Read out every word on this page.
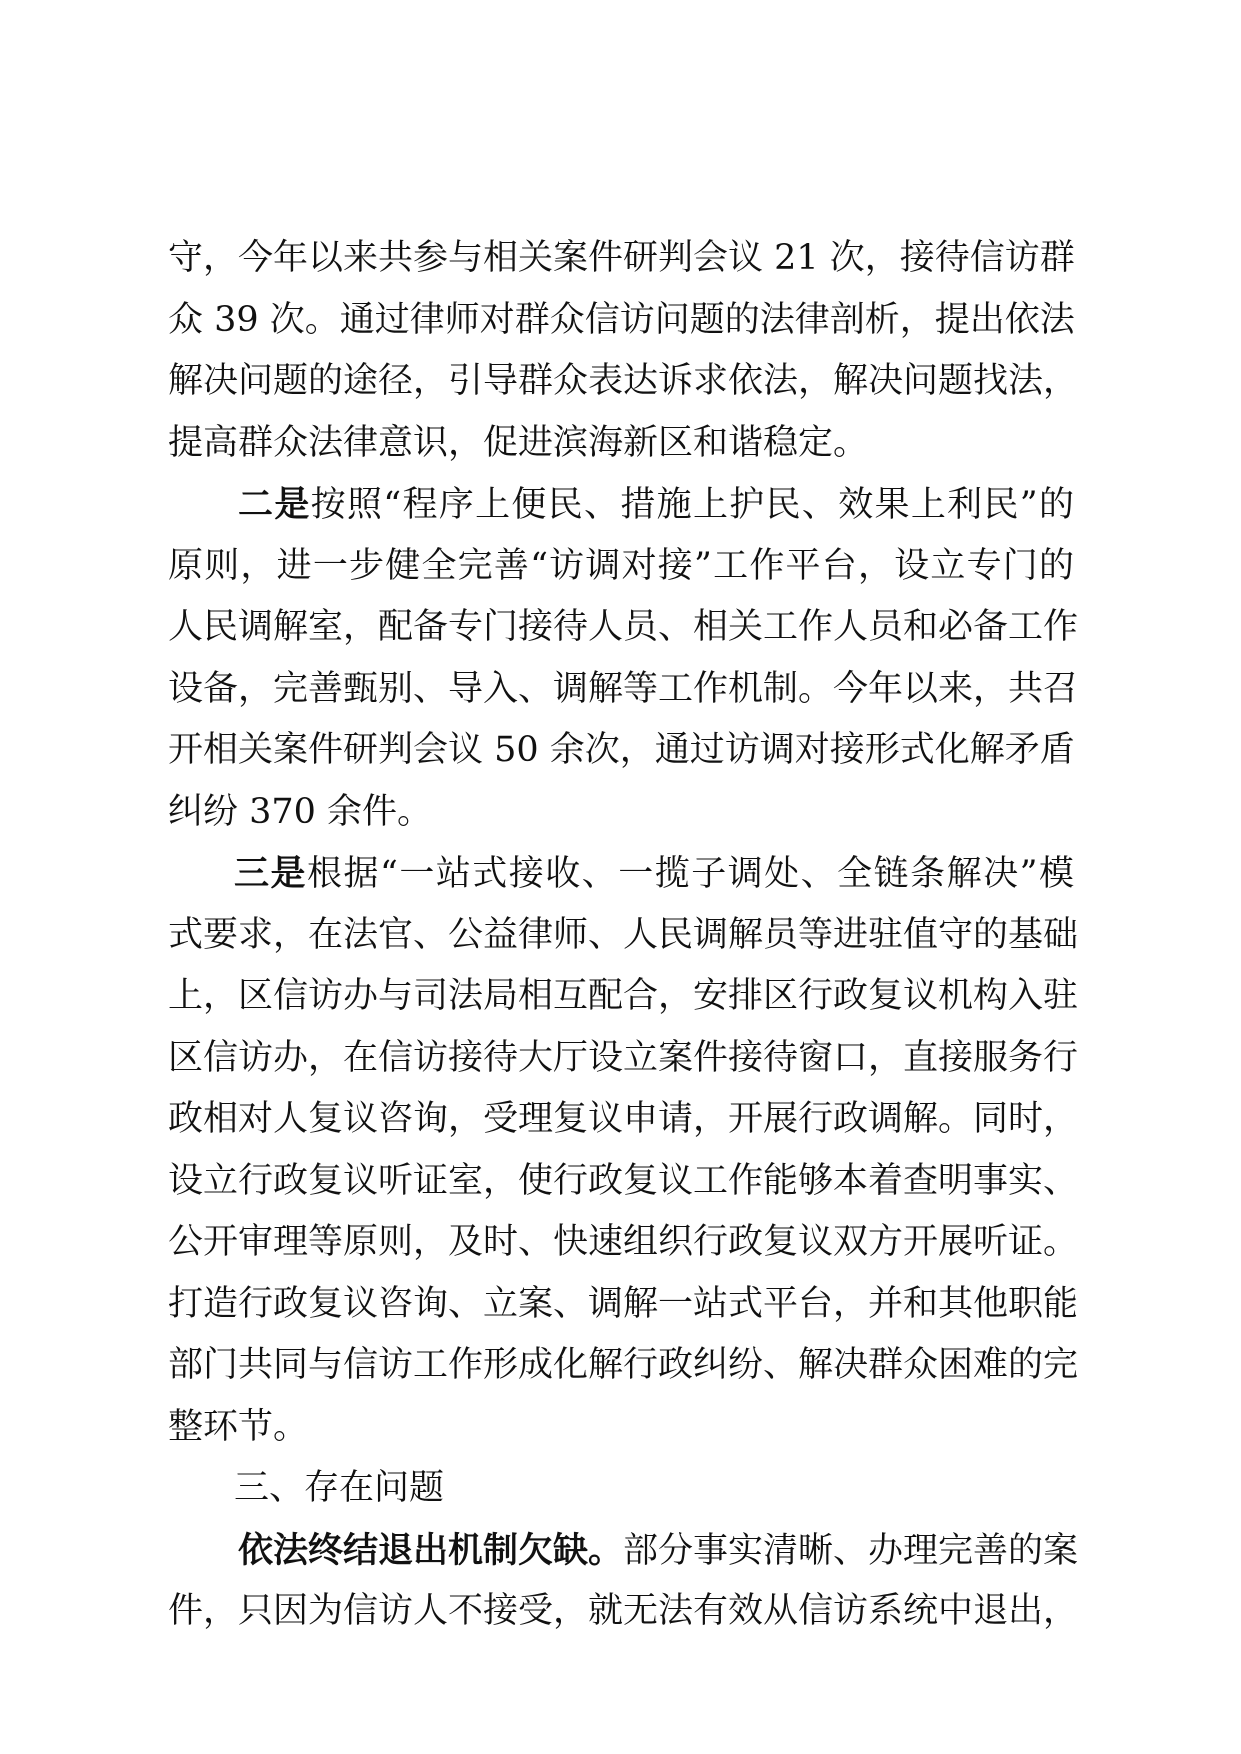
守，今年以来共参与相关案件研判会议 21 次，接待信访群
众 39 次。通过律师对群众信访问题的法律剖析，提出依法
解决问题的途径，引导群众表达诉求依法，解决问题找法，
提高群众法律意识，促进滨海新区和谐稳定。
二是按照“程序上便民、措施上护民、效果上利民”的
原则，进一步健全完善“访调对接”工作平台，设立专门的
人民调解室，配备专门接待人员、相关工作人员和必备工作
设备，完善甄别、导入、调解等工作机制。今年以来，共召
开相关案件研判会议 50 余次，通过访调对接形式化解矛盾
纠纷 370 余件。
三是根据“一站式接收、一揽子调处、全链条解决”模
式要求，在法官、公益律师、人民调解员等进驻值守的基础
上，区信访办与司法局相互配合，安排区行政复议机构入驻
区信访办，在信访接待大厅设立案件接待窗口，直接服务行
政相对人复议咨询，受理复议申请，开展行政调解。同时，
设立行政复议听证室，使行政复议工作能够本着查明事实、
公开审理等原则，及时、快速组织行政复议双方开展听证。
打造行政复议咨询、立案、调解一站式平台，并和其他职能
部门共同与信访工作形成化解行政纠纷、解决群众困难的完
整环节。
三、存在问题
依法终结退出机制欠缺。部分事实清晰、办理完善的案
件，只因为信访人不接受，就无法有效从信访系统中退出，
